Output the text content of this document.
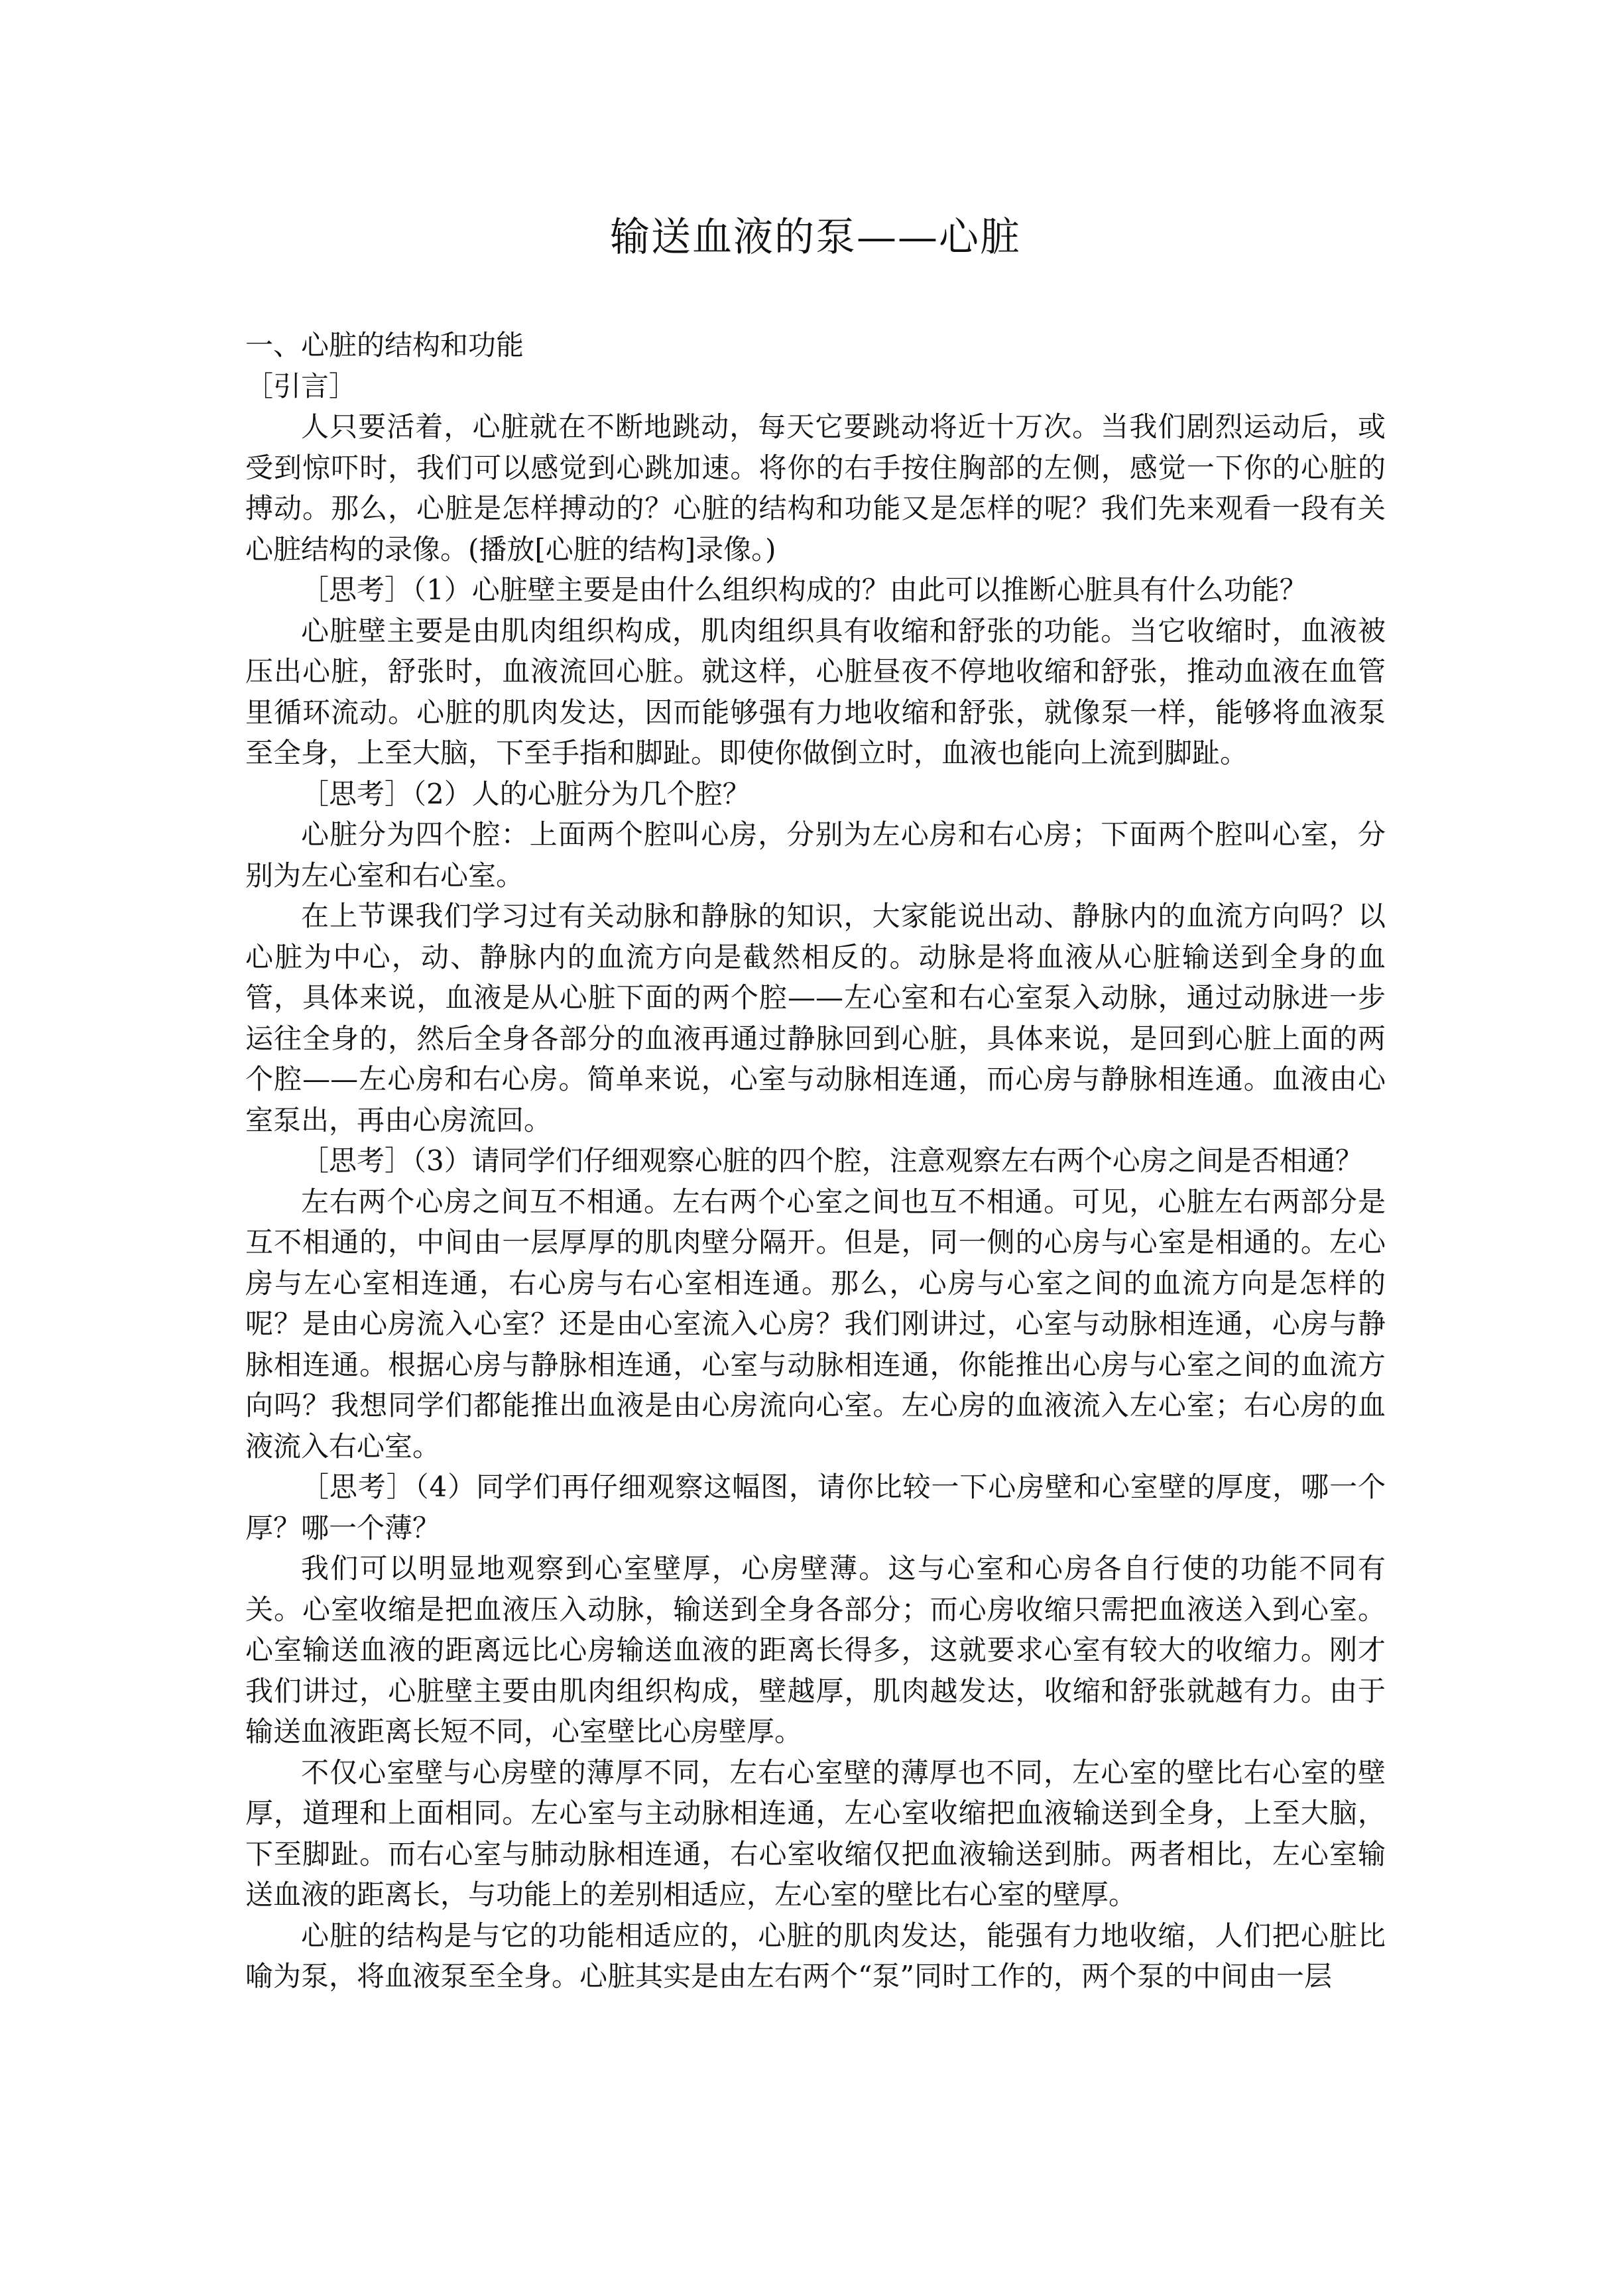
输送血液的泵——心脏

一、心脏的结构和功能

［引言］

人只要活着，心脏就在不断地跳动，每天它要跳动将近十万次。当我们剧烈运动后，或受到惊吓时，我们可以感觉到心跳加速。将你的右手按住胸部的左侧，感觉一下你的心脏的搏动。那么，心脏是怎样搏动的？心脏的结构和功能又是怎样的呢？我们先来观看一段有关心脏结构的录像。(播放[心脏的结构]录像。)

［思考］（1）心脏壁主要是由什么组织构成的？由此可以推断心脏具有什么功能？

心脏壁主要是由肌肉组织构成，肌肉组织具有收缩和舒张的功能。当它收缩时，血液被压出心脏，舒张时，血液流回心脏。就这样，心脏昼夜不停地收缩和舒张，推动血液在血管里循环流动。心脏的肌肉发达，因而能够强有力地收缩和舒张，就像泵一样，能够将血液泵至全身，上至大脑，下至手指和脚趾。即使你做倒立时，血液也能向上流到脚趾。

［思考］（2）人的心脏分为几个腔？

心脏分为四个腔：上面两个腔叫心房，分别为左心房和右心房；下面两个腔叫心室，分别为左心室和右心室。

在上节课我们学习过有关动脉和静脉的知识，大家能说出动、静脉内的血流方向吗？以心脏为中心，动、静脉内的血流方向是截然相反的。动脉是将血液从心脏输送到全身的血管，具体来说，血液是从心脏下面的两个腔——左心室和右心室泵入动脉，通过动脉进一步运往全身的，然后全身各部分的血液再通过静脉回到心脏，具体来说，是回到心脏上面的两个腔——左心房和右心房。简单来说，心室与动脉相连通，而心房与静脉相连通。血液由心室泵出，再由心房流回。

［思考］（3）请同学们仔细观察心脏的四个腔，注意观察左右两个心房之间是否相通？

左右两个心房之间互不相通。左右两个心室之间也互不相通。可见，心脏左右两部分是互不相通的，中间由一层厚厚的肌肉壁分隔开。但是，同一侧的心房与心室是相通的。左心房与左心室相连通，右心房与右心室相连通。那么，心房与心室之间的血流方向是怎样的呢？是由心房流入心室？还是由心室流入心房？我们刚讲过，心室与动脉相连通，心房与静脉相连通。根据心房与静脉相连通，心室与动脉相连通，你能推出心房与心室之间的血流方向吗？我想同学们都能推出血液是由心房流向心室。左心房的血液流入左心室；右心房的血液流入右心室。

［思考］（4）同学们再仔细观察这幅图，请你比较一下心房壁和心室壁的厚度，哪一个厚？哪一个薄？

我们可以明显地观察到心室壁厚，心房壁薄。这与心室和心房各自行使的功能不同有关。心室收缩是把血液压入动脉，输送到全身各部分；而心房收缩只需把血液送入到心室。心室输送血液的距离远比心房输送血液的距离长得多，这就要求心室有较大的收缩力。刚才我们讲过，心脏壁主要由肌肉组织构成，壁越厚，肌肉越发达，收缩和舒张就越有力。由于输送血液距离长短不同，心室壁比心房壁厚。

不仅心室壁与心房壁的薄厚不同，左右心室壁的薄厚也不同，左心室的壁比右心室的壁厚，道理和上面相同。左心室与主动脉相连通，左心室收缩把血液输送到全身，上至大脑，下至脚趾。而右心室与肺动脉相连通，右心室收缩仅把血液输送到肺。两者相比，左心室输送血液的距离长，与功能上的差别相适应，左心室的壁比右心室的壁厚。

心脏的结构是与它的功能相适应的，心脏的肌肉发达，能强有力地收缩，人们把心脏比喻为泵，将血液泵至全身。心脏其实是由左右两个“泵”同时工作的，两个泵的中间由一层
